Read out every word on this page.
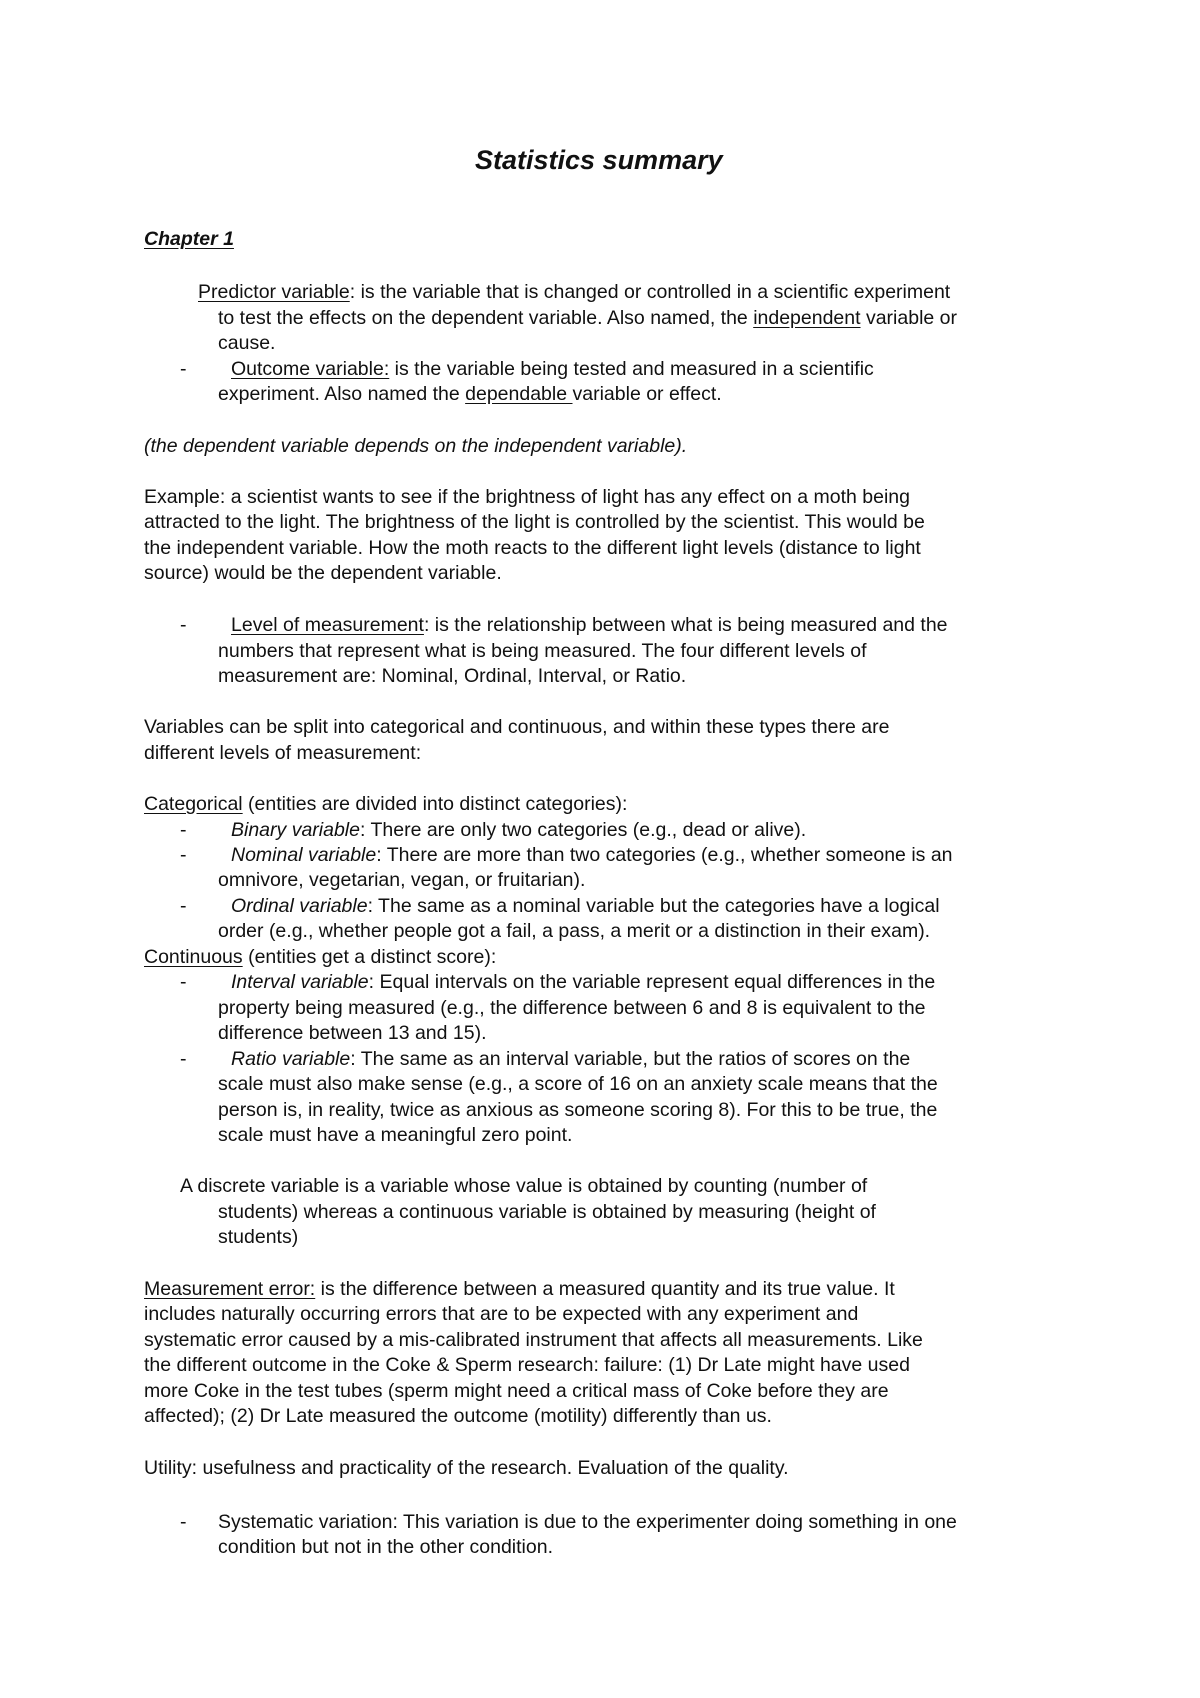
Statistics summary
Chapter 1
Predictor variable: is the variable that is changed or controlled in a scientific experiment
to test the effects on the dependent variable. Also named, the independent variable or
cause.
- Outcome variable: is the variable being tested and measured in a scientific
experiment. Also named the dependable variable or effect.
(the dependent variable depends on the independent variable).
Example: a scientist wants to see if the brightness of light has any effect on a moth being
attracted to the light. The brightness of the light is controlled by the scientist. This would be
the independent variable. How the moth reacts to the different light levels (distance to light
source) would be the dependent variable.
- Level of measurement: is the relationship between what is being measured and the
numbers that represent what is being measured. The four different levels of
measurement are: Nominal, Ordinal, Interval, or Ratio.
Variables can be split into categorical and continuous, and within these types there are
different levels of measurement:
Categorical (entities are divided into distinct categories):
- Binary variable: There are only two categories (e.g., dead or alive).
- Nominal variable: There are more than two categories (e.g., whether someone is an
omnivore, vegetarian, vegan, or fruitarian).
- Ordinal variable: The same as a nominal variable but the categories have a logical
order (e.g., whether people got a fail, a pass, a merit or a distinction in their exam).
Continuous (entities get a distinct score):
- Interval variable: Equal intervals on the variable represent equal differences in the
property being measured (e.g., the difference between 6 and 8 is equivalent to the
difference between 13 and 15).
- Ratio variable: The same as an interval variable, but the ratios of scores on the
scale must also make sense (e.g., a score of 16 on an anxiety scale means that the
person is, in reality, twice as anxious as someone scoring 8). For this to be true, the
scale must have a meaningful zero point.
A discrete variable is a variable whose value is obtained by counting (number of
students) whereas a continuous variable is obtained by measuring (height of
students)
Measurement error: is the difference between a measured quantity and its true value. It
includes naturally occurring errors that are to be expected with any experiment and
systematic error caused by a mis-calibrated instrument that affects all measurements. Like
the different outcome in the Coke & Sperm research: failure: (1) Dr Late might have used
more Coke in the test tubes (sperm might need a critical mass of Coke before they are
affected); (2) Dr Late measured the outcome (motility) differently than us.
Utility: usefulness and practicality of the research. Evaluation of the quality.
- Systematic variation: This variation is due to the experimenter doing something in one
condition but not in the other condition.
